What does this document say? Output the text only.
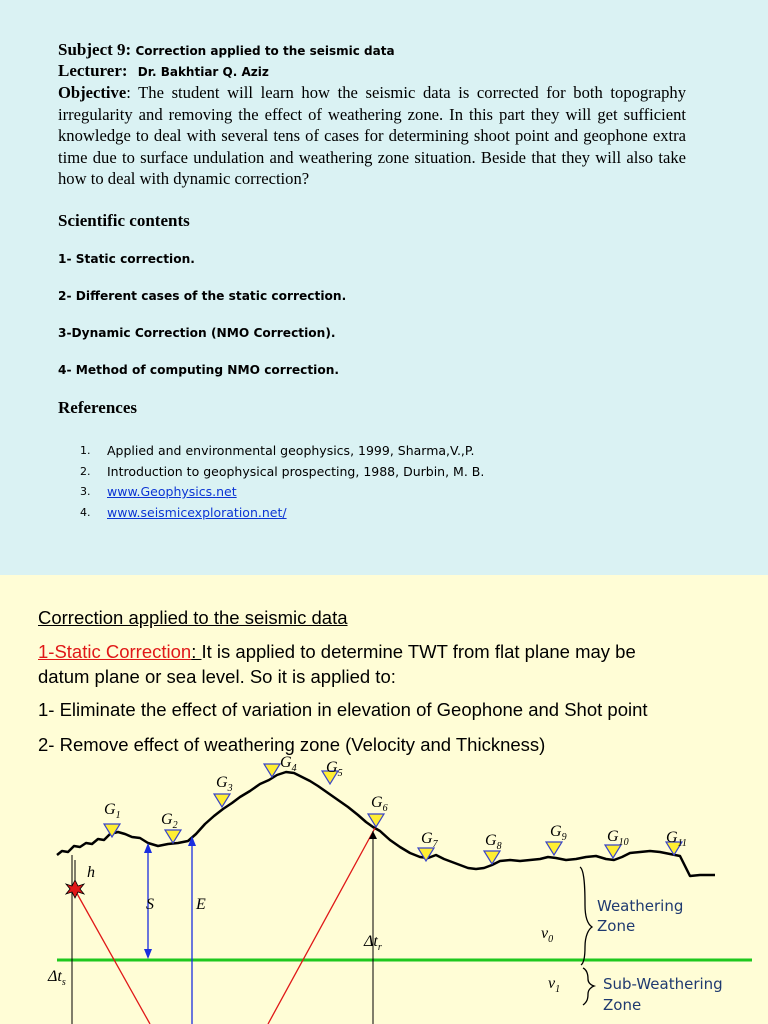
Subject 9: Correction applied to the seismic data
Lecturer: Dr. Bakhtiar Q. Aziz
Objective: The student will learn how the seismic data is corrected for both topography irregularity and removing the effect of weathering zone. In this part they will get sufficient knowledge to deal with several tens of cases for determining shoot point and geophone extra time due to surface undulation and weathering zone situation. Beside that they will also take how to deal with dynamic correction?
Scientific contents
1- Static correction.
2- Different cases of the static correction.
3-Dynamic Correction (NMO Correction).
4- Method of computing NMO correction.
References
1.	Applied and environmental geophysics, 1999, Sharma,V.,P.
2.	Introduction to geophysical prospecting, 1988, Durbin, M. B.
3.	www.Geophysics.net
4.	www.seismicexploration.net/
Correction applied to the seismic data
1-Static Correction: It is applied to determine TWT from flat plane may be
datum plane or sea level. So it is applied to:
1- Eliminate the effect of variation in elevation of Geophone and Shot point
2- Remove effect of weathering zone (Velocity and Thickness)
$G_1$	$G_2$
$G_3$
$G_4$ $G_5$
$G_6$
$G_7$	$G_8$
$G_9$	$G_{10}$ $G_{11}$
h
S	E
$\Delta t_r$
$\Delta t_s$
$v_0$
$v_1$
Weathering Zone
Sub-Weathering Zone
